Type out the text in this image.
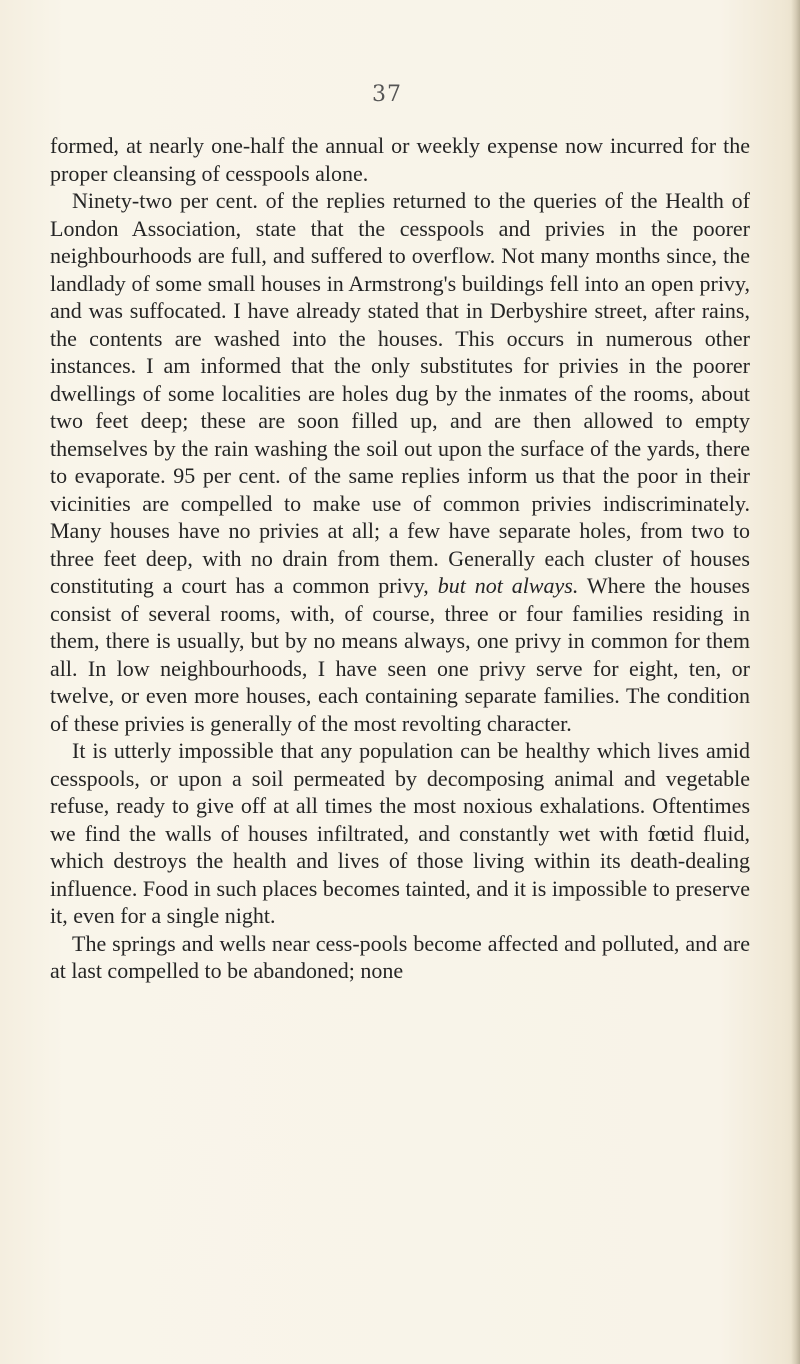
37

formed, at nearly one-half the annual or weekly expense now incurred for the proper cleansing of cesspools alone.

Ninety-two per cent. of the replies returned to the queries of the Health of London Association, state that the cesspools and privies in the poorer neighbourhoods are full, and suffered to overflow. Not many months since, the landlady of some small houses in Armstrong's buildings fell into an open privy, and was suffocated. I have already stated that in Derbyshire street, after rains, the contents are washed into the houses. This occurs in numerous other instances. I am informed that the only substitutes for privies in the poorer dwellings of some localities are holes dug by the inmates of the rooms, about two feet deep; these are soon filled up, and are then allowed to empty themselves by the rain washing the soil out upon the surface of the yards, there to evaporate. 95 per cent. of the same replies inform us that the poor in their vicinities are compelled to make use of common privies indiscriminately. Many houses have no privies at all; a few have separate holes, from two to three feet deep, with no drain from them. Generally each cluster of houses constituting a court has a common privy, but not always. Where the houses consist of several rooms, with, of course, three or four families residing in them, there is usually, but by no means always, one privy in common for them all. In low neighbourhoods, I have seen one privy serve for eight, ten, or twelve, or even more houses, each containing separate families. The condition of these privies is generally of the most revolting character.

It is utterly impossible that any population can be healthy which lives amid cesspools, or upon a soil permeated by decomposing animal and vegetable refuse, ready to give off at all times the most noxious exhalations. Oftentimes we find the walls of houses infiltrated, and constantly wet with fœtid fluid, which destroys the health and lives of those living within its death-dealing influence. Food in such places becomes tainted, and it is impossible to preserve it, even for a single night.

The springs and wells near cess-pools become affected and polluted, and are at last compelled to be abandoned; none
